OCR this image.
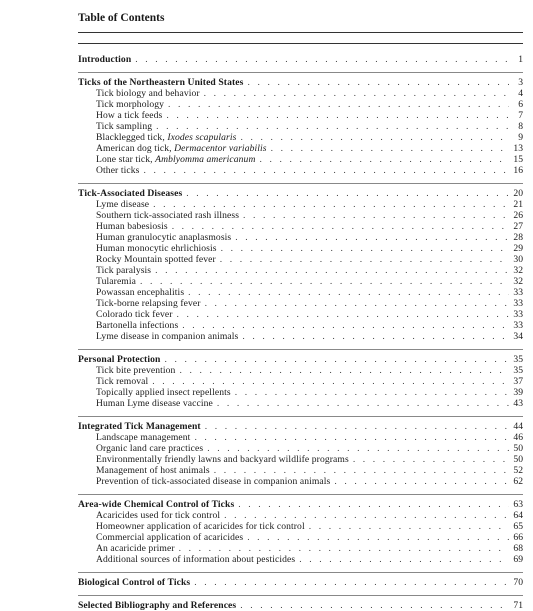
Table of Contents
Introduction . . .	1
Ticks of the Northeastern United States . . .	3
Tick biology and behavior . . .	4
Tick morphology . . .	6
How a tick feeds . . .	7
Tick sampling . . .	8
Blacklegged tick, Ixodes scapularis . . .	9
American dog tick, Dermacentor variabilis . . .	13
Lone star tick, Amblyomma americanum . . .	15
Other ticks . . .	16
Tick-Associated Diseases . . .	20
Lyme disease . . .	21
Southern tick-associated rash illness . . .	26
Human babesiosis . . .	27
Human granulocytic anaplasmosis . . .	28
Human monocytic ehrlichiosis . . .	29
Rocky Mountain spotted fever . . .	30
Tick paralysis . . .	32
Tularemia . . .	32
Powassan encephalitis . . .	33
Tick-borne relapsing fever . . .	33
Colorado tick fever . . .	33
Bartonella infections . . .	33
Lyme disease in companion animals . . .	34
Personal Protection . . .	35
Tick bite prevention . . .	35
Tick removal . . .	37
Topically applied insect repellents . . .	39
Human Lyme disease vaccine . . .	43
Integrated Tick Management . . .	44
Landscape management . . .	46
Organic land care practices . . .	50
Environmentally friendly lawns and backyard wildlife programs . . .	50
Management of host animals . . .	52
Prevention of tick-associated disease in companion animals . . .	62
Area-wide Chemical Control of Ticks . . .	63
Acaricides used for tick control . . .	64
Homeowner application of acaricides for tick control . . .	65
Commercial application of acaricides . . .	66
An acaricide primer . . .	68
Additional sources of information about pesticides . . .	69
Biological Control of Ticks . . .	70
Selected Bibliography and References . . .	71
